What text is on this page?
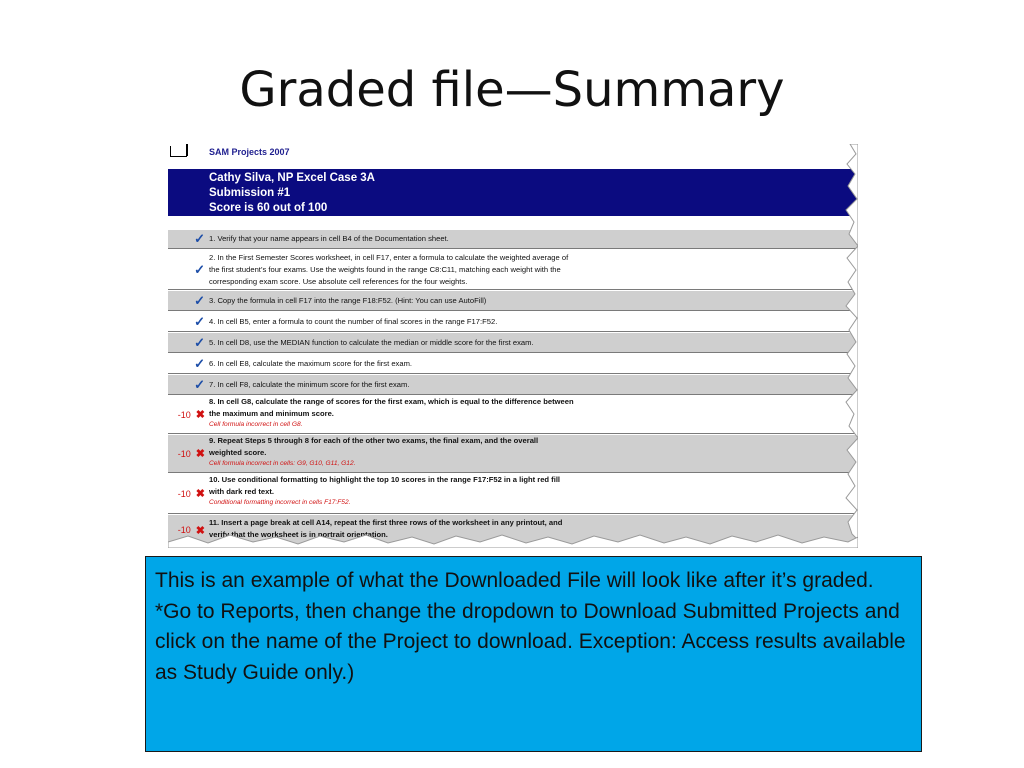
Graded file—Summary
SAM Projects 2007
Cathy Silva, NP Excel Case 3A
Submission #1
Score is 60 out of 100
✓ 1. Verify that your name appears in cell B4 of the Documentation sheet.
✓
2. In the First Semester Scores worksheet, in cell F17, enter a formula to calculate the weighted average of
the first student’s four exams. Use the weights found in the range C8:C11, matching each weight with the
corresponding exam score. Use absolute cell references for the four weights.
✓ 3. Copy the formula in cell F17 into the range F18:F52. (Hint: You can use AutoFill)
✓ 4. In cell B5, enter a formula to count the number of final scores in the range F17:F52.
✓ 5. In cell D8, use the MEDIAN function to calculate the median or middle score for the first exam.
✓ 6. In cell E8, calculate the maximum score for the first exam.
✓ 7. In cell F8, calculate the minimum score for the first exam.
-10 ✖
8. In cell G8, calculate the range of scores for the first exam, which is equal to the difference between
the maximum and minimum score.
Cell formula incorrect in cell G8.
-10 ✖
9. Repeat Steps 5 through 8 for each of the other two exams, the final exam, and the overall
weighted score.
Cell formula incorrect in cells: G9, G10, G11, G12.
-10 ✖
10. Use conditional formatting to highlight the top 10 scores in the range F17:F52 in a light red fill
with dark red text.
Conditional formatting incorrect in cells F17:F52.
-10 ✖
11. Insert a page break at cell A14, repeat the first three rows of the worksheet in any printout, and
verify that the worksheet is in portrait orientation.
This is an example of what the Downloaded File will look like after it’s graded.
*Go to Reports, then change the dropdown to Download Submitted Projects and click on the name of the Project to download. Exception: Access results available as Study Guide only.)
